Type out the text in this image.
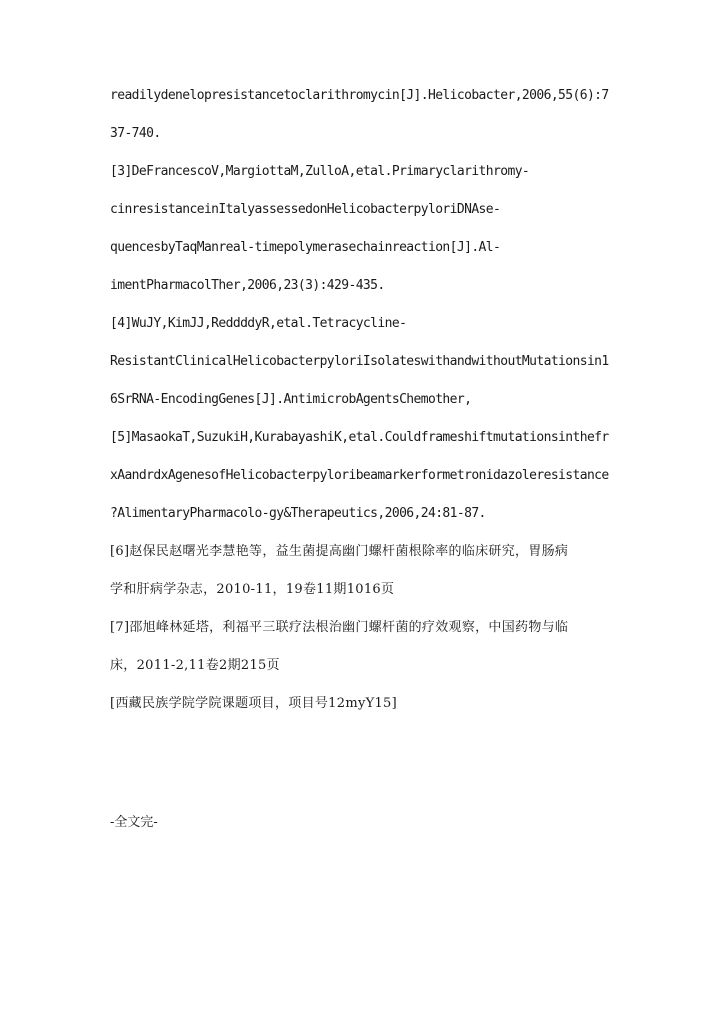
readilydenelopresistancetoclarithromycin[J].Helicobacter,2006,55(6):7
37-740.
[3]DeFrancescoV,MargiottaM,ZulloA,etal.Primaryclarithromy-
cinresistanceinItalyassessedonHelicobacterpyloriDNAse-
quencesbyTaqManreal-timepolymerasechainreaction[J].Al-
imentPharmacolTher,2006,23(3):429-435.
[4]WuJY,KimJJ,ReddddyR,etal.Tetracycline-
ResistantClinicalHelicobacterpyloriIsolateswithandwithoutMutationsin1
6SrRNA-EncodingGenes[J].AntimicrobAgentsChemother,
[5]MasaokaT,SuzukiH,KurabayashiK,etal.Couldframeshiftmutationsinthefr
xAandrdxAgenesofHelicobacterpyloribeamarkerformetronidazoleresistance
?AlimentaryPharmacolo-gy&Therapeutics,2006,24:81-87.
[6]赵保民赵曙光李慧艳等，益生菌提高幽门螺杆菌根除率的临床研究，胃肠病
学和肝病学杂志，2010-11，19卷11期1016页
[7]邵旭峰林延塔，利福平三联疗法根治幽门螺杆菌的疗效观察，中国药物与临
床，2011-2,11卷2期215页
[西藏民族学院学院课题项目，项目号12myY15]
-全文完-
